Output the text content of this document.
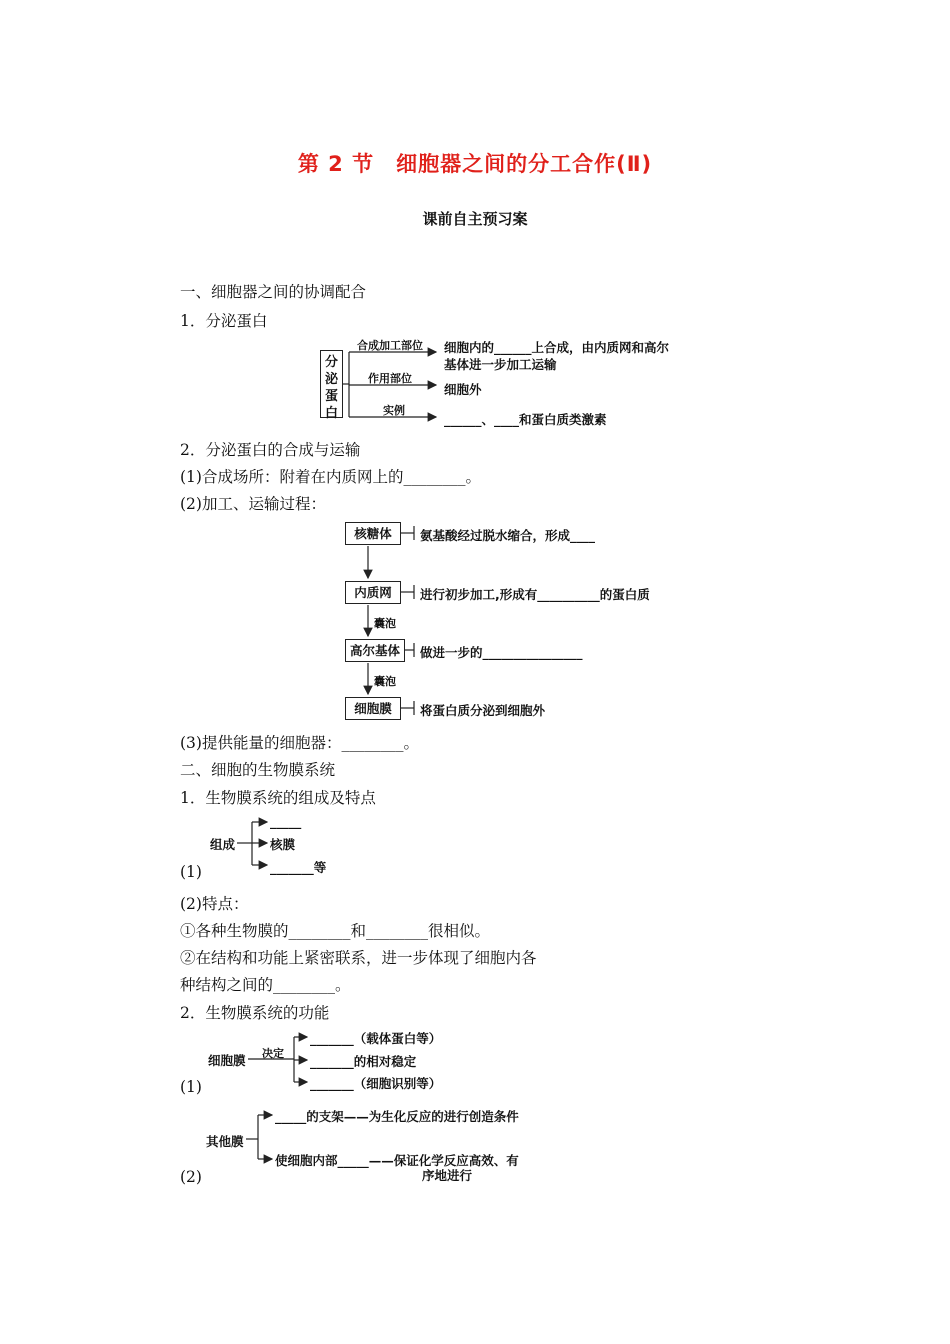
第 2 节　细胞器之间的分工合作(Ⅱ)
课前自主预习案
一、细胞器之间的协调配合
1．分泌蛋白
分泌蛋白
合成加工部位 细胞内的______上合成，由内质网和高尔
基体进一步加工运输
作用部位
细胞外
实例
______、____和蛋白质类激素
2．分泌蛋白的合成与运输
(1)合成场所：附着在内质网上的________。
(2)加工、运输过程：
核糖体	氨基酸经过脱水缩合，形成____
内质网	进行初步加工,形成有__________的蛋白质
囊泡
高尔基体	做进一步的________________
囊泡
细胞膜	将蛋白质分泌到细胞外
(3)提供能量的细胞器：________。
二、细胞的生物膜系统
1．生物膜系统的组成及特点
组成
_____
核膜
_______等
(1)
(2)特点：
①各种生物膜的________和________很相似。
②在结构和功能上紧密联系，进一步体现了细胞内各
种结构之间的________。
2．生物膜系统的功能
细胞膜 决定
_______（载体蛋白等）
_______的相对稳定
_______（细胞识别等）
(1)
其他膜
_____的支架——为生化反应的进行创造条件
使细胞内部_____——保证化学反应高效、有
序地进行
(2)
